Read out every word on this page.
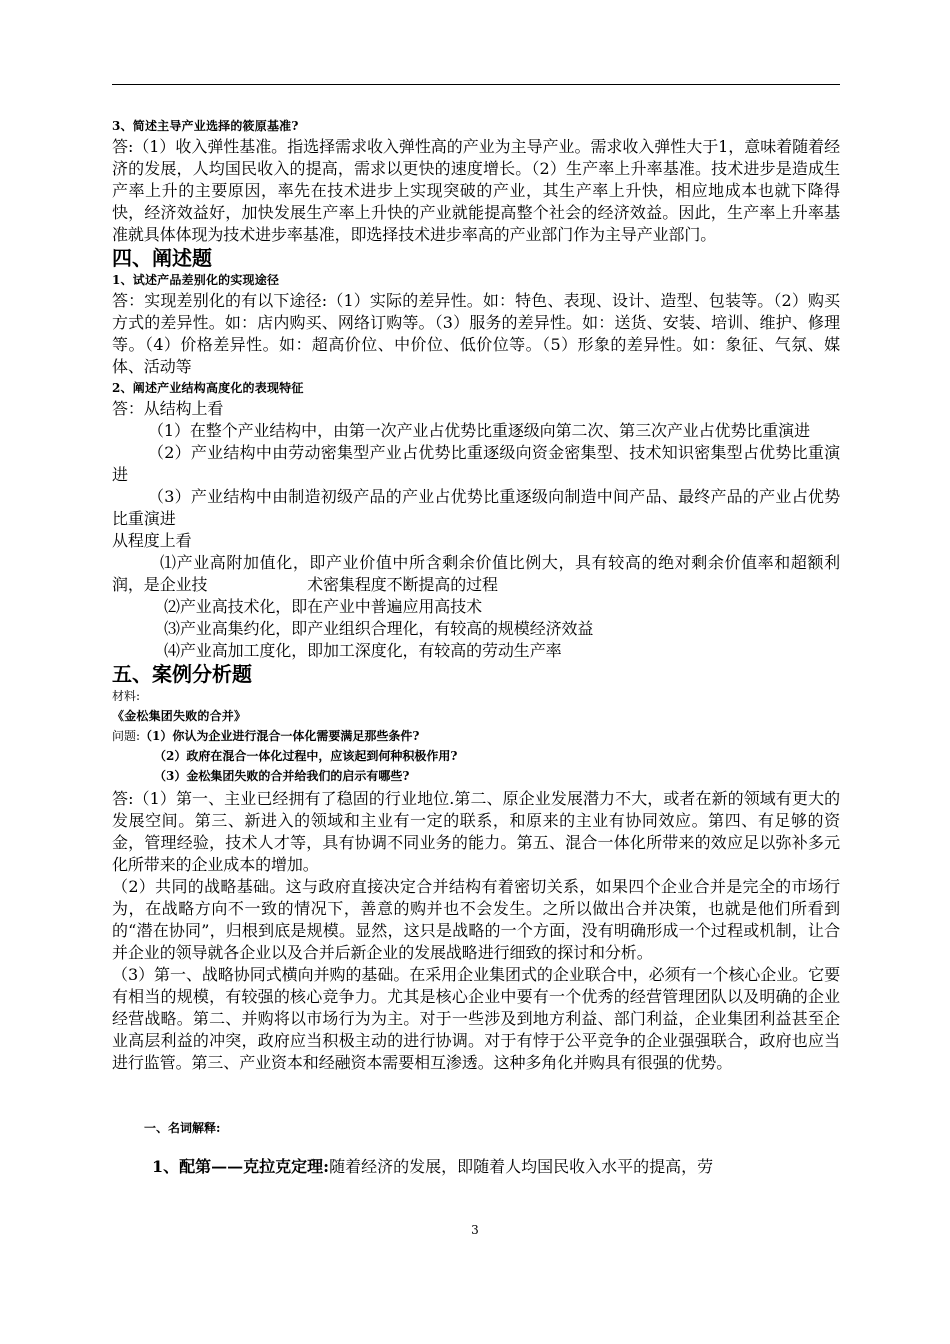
3、简述主导产业选择的筱原基准?

答:（1）收入弹性基准。指选择需求收入弹性高的产业为主导产业。需求收入弹性大于1，意味着随着经济的发展，人均国民收入的提高，需求以更快的速度增长。（2）生产率上升率基准。技术进步是造成生产率上升的主要原因，率先在技术进步上实现突破的产业，其生产率上升快，相应地成本也就下降得快，经济效益好，加快发展生产率上升快的产业就能提高整个社会的经济效益。因此，生产率上升率基准就具体体现为技术进步率基准，即选择技术进步率高的产业部门作为主导产业部门。

四、阐述题

1、试述产品差别化的实现途径

答：实现差别化的有以下途径:（1）实际的差异性。如：特色、表现、设计、造型、包装等。（2）购买方式的差异性。如：店内购买、网络订购等。（3）服务的差异性。如：送货、安装、培训、维护、修理等。（4）价格差异性。如：超高价位、中价位、低价位等。（5）形象的差异性。如：象征、气氛、媒体、活动等

2、阐述产业结构高度化的表现特征

答：从结构上看

（1）在整个产业结构中，由第一次产业占优势比重逐级向第二次、第三次产业占优势比重演进

（2）产业结构中由劳动密集型产业占优势比重逐级向资金密集型、技术知识密集型占优势比重演进

（3）产业结构中由制造初级产品的产业占优势比重逐级向制造中间产品、最终产品的产业占优势比重演进

从程度上看

⑴产业高附加值化，即产业价值中所含剩余价值比例大，具有较高的绝对剩余价值率和超额利润，是企业技                    术密集程度不断提高的过程

⑵产业高技术化，即在产业中普遍应用高技术

⑶产业高集约化，即产业组织合理化，有较高的规模经济效益

⑷产业高加工度化，即加工深度化，有较高的劳动生产率

五、案例分析题

材料:

《金松集团失败的合并》

问题:（1）你认为企业进行混合一体化需要满足那些条件?

（2）政府在混合一体化过程中，应该起到何种积极作用?

（3）金松集团失败的合并给我们的启示有哪些?

答:（1）第一、主业已经拥有了稳固的行业地位.第二、原企业发展潜力不大，或者在新的领域有更大的发展空间。第三、新进入的领域和主业有一定的联系，和原来的主业有协同效应。第四、有足够的资金，管理经验，技术人才等，具有协调不同业务的能力。第五、混合一体化所带来的效应足以弥补多元化所带来的企业成本的增加。

（2）共同的战略基础。这与政府直接决定合并结构有着密切关系，如果四个企业合并是完全的市场行为，在战略方向不一致的情况下，善意的购并也不会发生。之所以做出合并决策，也就是他们所看到的“潜在协同”，归根到底是规模。显然，这只是战略的一个方面，没有明确形成一个过程或机制，让合并企业的领导就各企业以及合并后新企业的发展战略进行细致的探讨和分析。

（3）第一、战略协同式横向并购的基础。在采用企业集团式的企业联合中，必须有一个核心企业。它要有相当的规模，有较强的核心竞争力。尤其是核心企业中要有一个优秀的经营管理团队以及明确的企业经营战略。第二、并购将以市场行为为主。对于一些涉及到地方利益、部门利益，企业集团利益甚至企业高层利益的冲突，政府应当积极主动的进行协调。对于有悖于公平竞争的企业强强联合，政府也应当进行监管。第三、产业资本和经融资本需要相互渗透。这种多角化并购具有很强的优势。

一、名词解释:

1、配第——克拉克定理:随着经济的发展，即随着人均国民收入水平的提高，劳

3
